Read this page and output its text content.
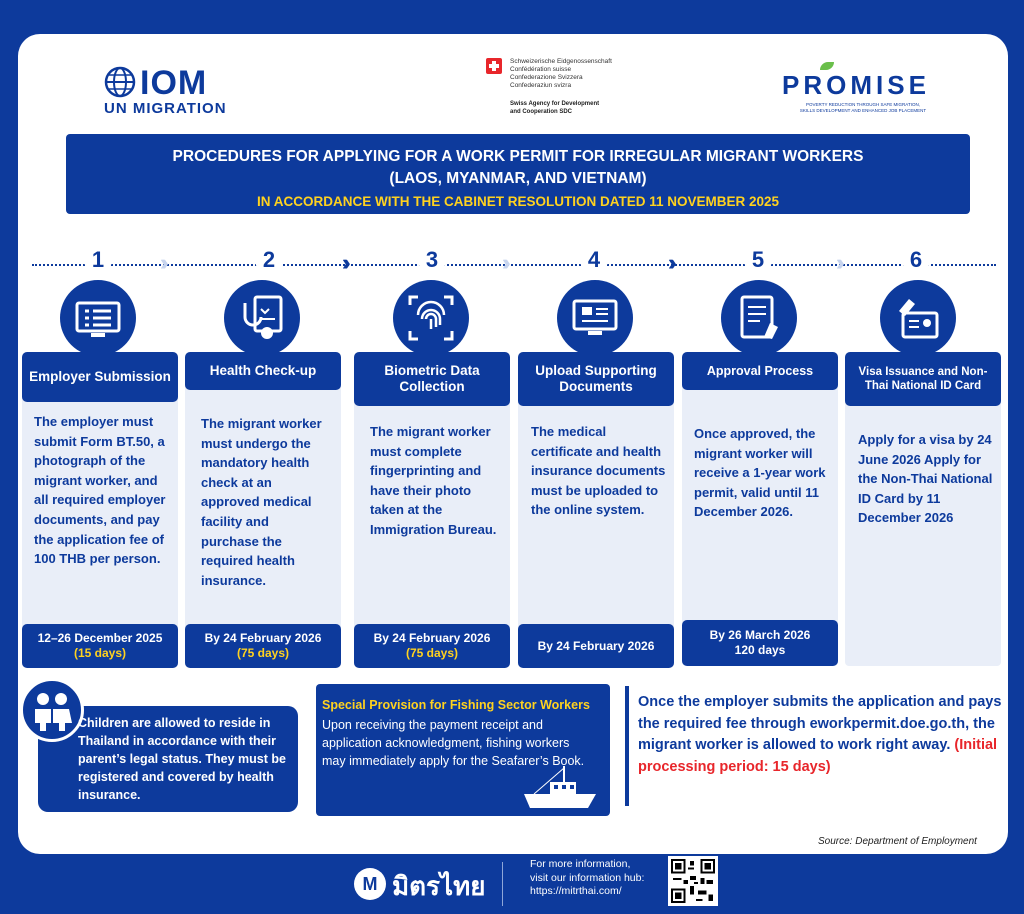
IOM
UN MIGRATION
Schweizerische Eidgenossenschaft
Confédération suisse
Confederazione Svizzera
Confederaziun svizra
Swiss Agency for Development
and Cooperation SDC
PROMISE
POVERTY REDUCTION THROUGH SAFE MIGRATION,
SKILLS DEVELOPMENT AND ENHANCED JOB PLACEMENT
PROCEDURES FOR APPLYING FOR A WORK PERMIT FOR IRREGULAR MIGRANT WORKERS
(LAOS, MYANMAR, AND VIETNAM)
IN ACCORDANCE WITH THE CABINET RESOLUTION DATED 11 NOVEMBER 2025
››	››	››	››	››
1	2	3	4	5	6
Employer Submission	Health Check-up	Biometric Data Collection
Upload Supporting Documents
Approval Process	Visa Issuance and Non-Thai National ID Card
The employer must submit Form BT.50, a photograph of the migrant worker, and all required employer documents, and pay the application fee of 100 THB per person.
The migrant worker must undergo the mandatory health check at an approved medical facility and purchase the required health insurance.
The migrant worker must complete fingerprinting and have their photo taken at the Immigration Bureau.
The medical certificate and health insurance documents must be uploaded to the online system.
Once approved, the migrant worker will receive a 1-year work permit, valid until 11 December 2026.
Apply for a visa by 24 June 2026 Apply for the Non-Thai National ID Card by 11 December 2026
12–26 December 2025
(15 days)
By 24 February 2026
(75 days)
By 24 February 2026
(75 days)
By 24 February 2026
By 26 March 2026
120 days
Children are allowed to reside in Thailand in accordance with their parent’s legal status. They must be registered and covered by health insurance.
Special Provision for Fishing Sector Workers
Upon receiving the payment receipt and application acknowledgment, fishing workers may immediately apply for the Seafarer’s Book.
Once the employer submits the application and pays the required fee through eworkpermit.doe.go.th, the migrant worker is allowed to work right away. (Initial processing period: 15 days)
Source: Department of Employment
M มิตรไทย
For more information,
visit our information hub:
https://mitrthai.com/
